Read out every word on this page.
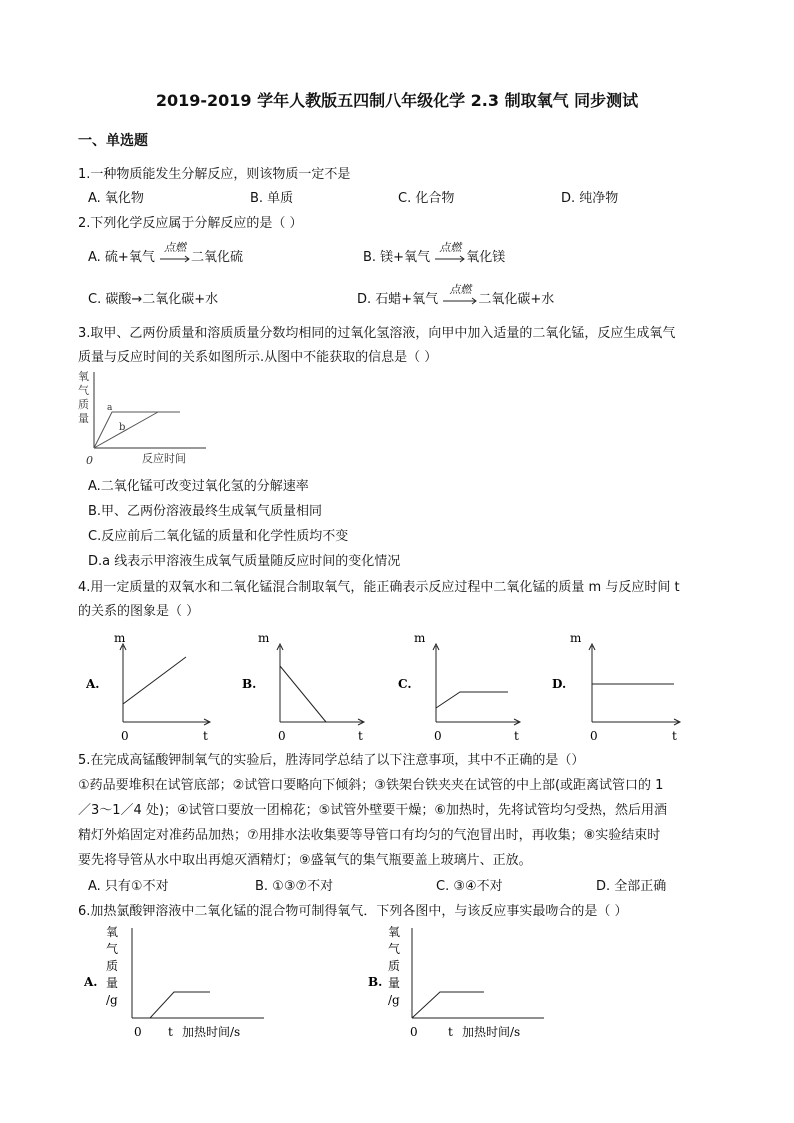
2019-2019 学年人教版五四制八年级化学 2.3 制取氧气 同步测试
一、单选题
1.一种物质能发生分解反应，则该物质一定不是
A. 氧化物	B. 单质	C. 化合物	D. 纯净物
2.下列化学反应属于分解反应的是（ ）
A. 硫+氧气
点燃
二氧化硫	B. 镁+氧气
点燃
氧化镁
C. 碳酸→二氧化碳+水	D. 石蜡+氧气
点燃
二氧化碳+水
3.取甲、乙两份质量和溶质质量分数均相同的过氧化氢溶液，向甲中加入适量的二氧化锰，反应生成氧气
质量与反应时间的关系如图所示.从图中不能获取的信息是（ ）
氧
气
质
量
a
b
0	反应时间
A.二氧化锰可改变过氧化氢的分解速率
B.甲、乙两份溶液最终生成氧气质量相同
C.反应前后二氧化锰的质量和化学性质均不变
D.a 线表示甲溶液生成氧气质量随反应时间的变化情况
4.用一定质量的双氧水和二氧化锰混合制取氧气，能正确表示反应过程中二氧化锰的质量 m 与反应时间 t
的关系的图象是（ ）
A.
m
0	t
B.
m
0	t
C.
m
0	t
D.
m
0	t
5.在完成高锰酸钾制氧气的实验后，胜涛同学总结了以下注意事项，其中不正确的是（）
①药品要堆积在试管底部；②试管口要略向下倾斜；③铁架台铁夹夹在试管的中上部(或距离试管口的 1
／3～1／4 处)；④试管口要放一团棉花；⑤试管外壁要干燥；⑥加热时，先将试管均匀受热，然后用酒
精灯外焰固定对准药品加热；⑦用排水法收集要等导管口有均匀的气泡冒出时，再收集；⑧实验结束时
要先将导管从水中取出再熄灭酒精灯；⑨盛氧气的集气瓶要盖上玻璃片、正放。
A. 只有①不对	B. ①③⑦不对	C. ③④不对	D. 全部正确
6.加热氯酸钾溶液中二氧化锰的混合物可制得氧气．下列各图中，与该反应事实最吻合的是（ ）
A.
氧
气
质
量
/g
0 t 加热时间/s
B.
氧
气
质
量
/g
0	t 加热时间/s
